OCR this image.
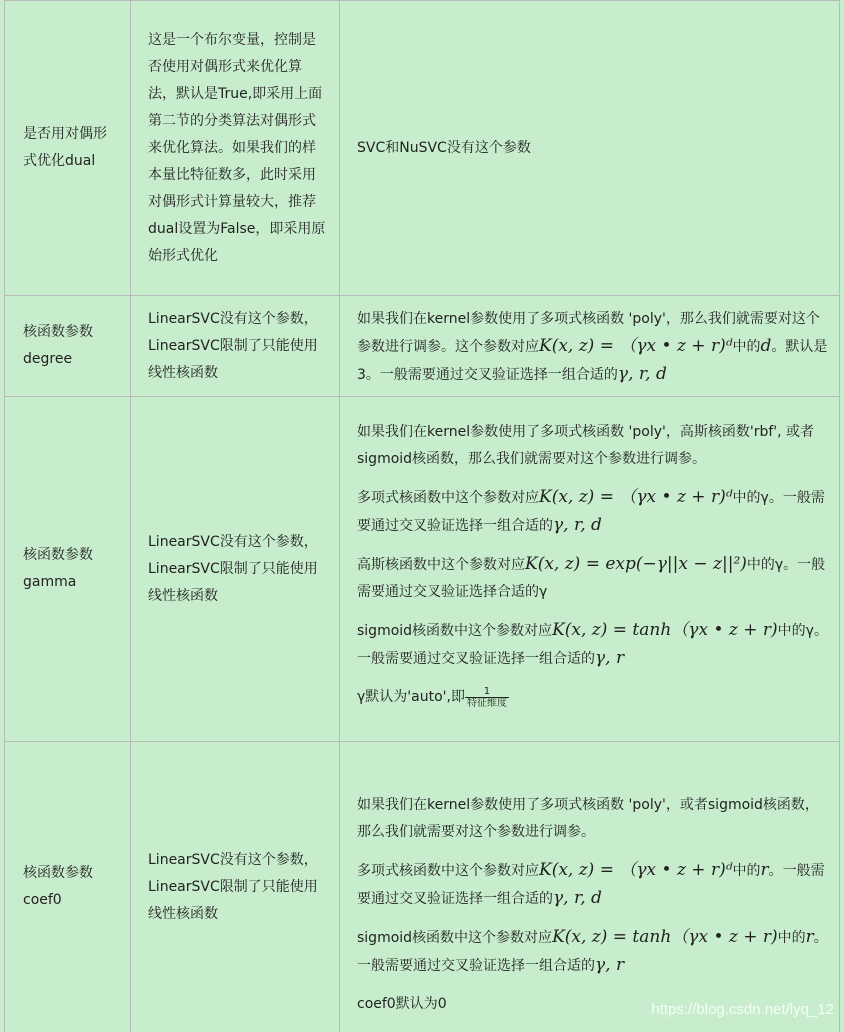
是否用对偶形式优化dual
这是一个布尔变量，控制是否使用对偶形式来优化算法，默认是True,即采用上面第二节的分类算法对偶形式来优化算法。如果我们的样本量比特征数多，此时采用对偶形式计算量较大，推荐dual设置为False，即采用原始形式优化
SVC和NuSVC没有这个参数
核函数参数degree
LinearSVC没有这个参数，LinearSVC限制了只能使用线性核函数

如果我们在kernel参数使用了多项式核函数 'poly'，那么我们就需要对这个参数进行调参。这个参数对应K(x, z) = （γx • z + r)ᵈ中的d。默认是3。一般需要通过交叉验证选择一组合适的γ, r, d

核函数参数gamma
LinearSVC没有这个参数，LinearSVC限制了只能使用线性核函数

如果我们在kernel参数使用了多项式核函数 'poly'，高斯核函数'rbf', 或者sigmoid核函数，那么我们就需要对这个参数进行调参。

多项式核函数中这个参数对应K(x, z) = （γx • z + r)ᵈ中的γ。一般需要通过交叉验证选择一组合适的γ, r, d

高斯核函数中这个参数对应K(x, z) = exp(−γ||x − z||²)中的γ。一般需要通过交叉验证选择合适的γ

sigmoid核函数中这个参数对应K(x, z) = tanh（γx • z + r)中的γ。一般需要通过交叉验证选择一组合适的γ, r

γ默认为'auto',即 $\frac{1}{\text{特征维度}}$

核函数参数coef0
LinearSVC没有这个参数，LinearSVC限制了只能使用线性核函数

如果我们在kernel参数使用了多项式核函数 'poly'，或者sigmoid核函数，那么我们就需要对这个参数进行调参。

多项式核函数中这个参数对应K(x, z) = （γx • z + r)ᵈ中的r。一般需要通过交叉验证选择一组合适的γ, r, d

sigmoid核函数中这个参数对应K(x, z) = tanh（γx • z + r)中的r。一般需要通过交叉验证选择一组合适的γ, r

coef0默认为0	https://blog.csdn.net/lyq_12
